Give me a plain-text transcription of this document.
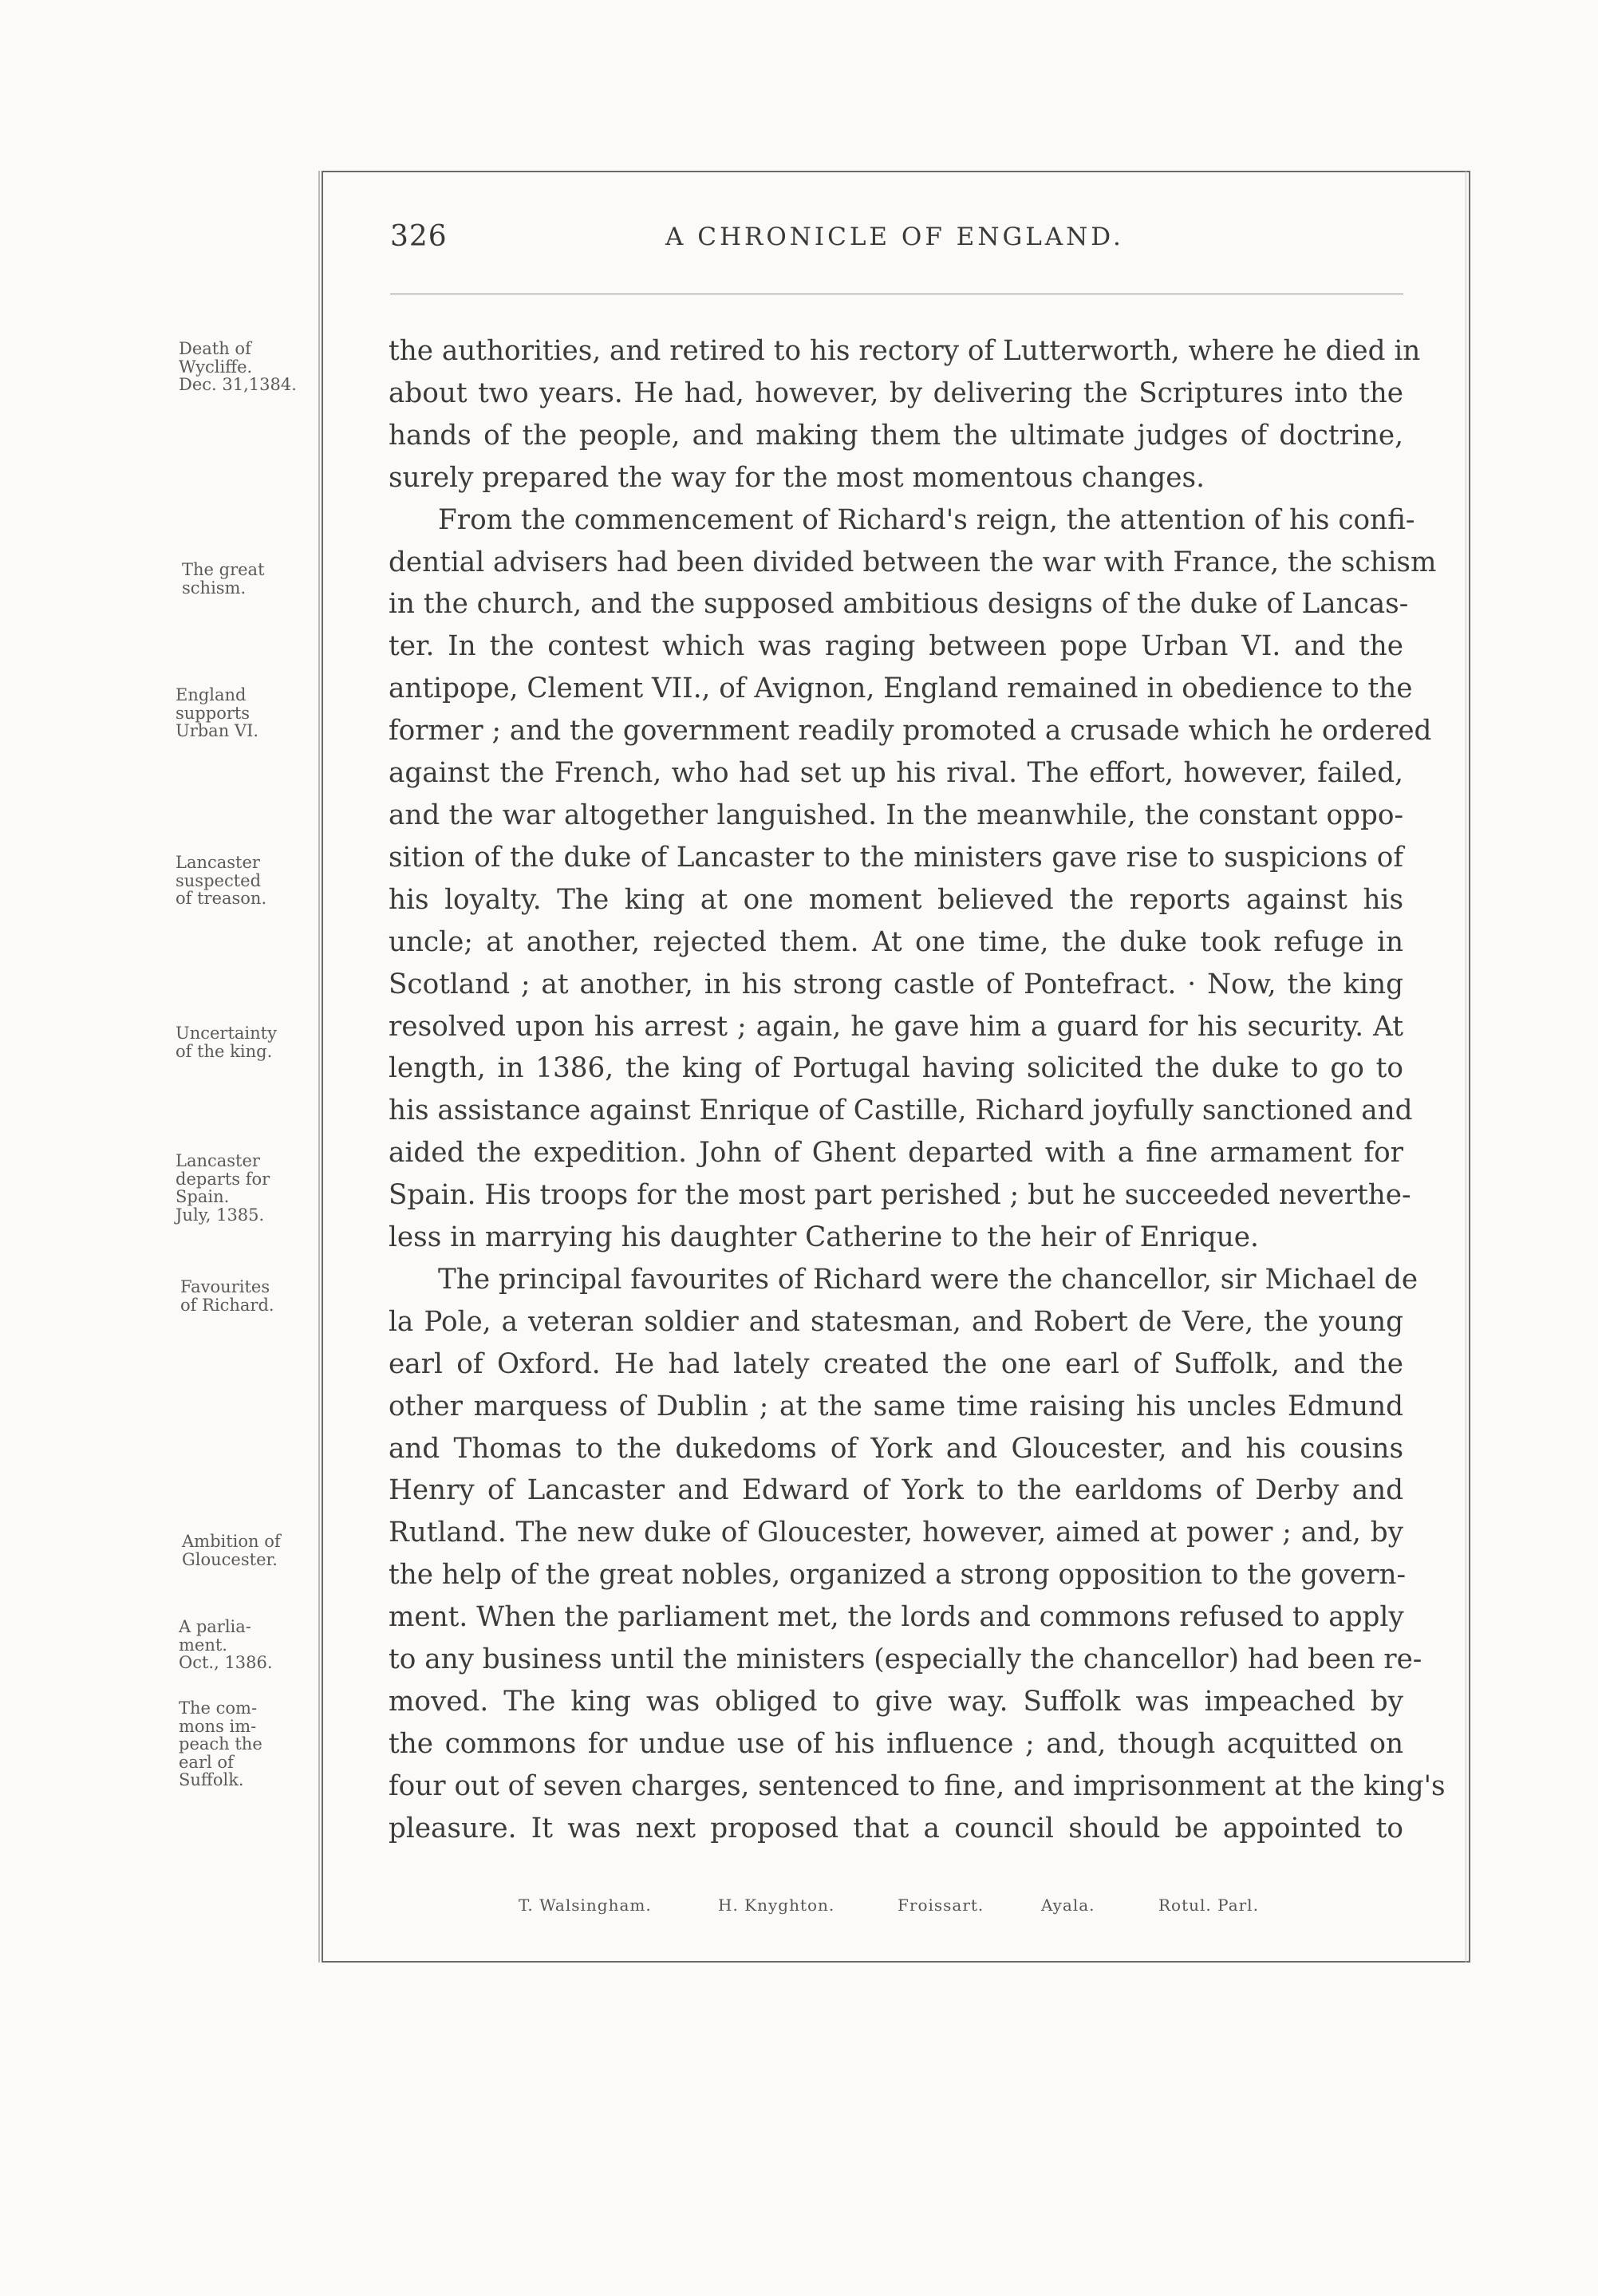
326	A CHRONICLE OF ENGLAND.
Death of
Wycliffe.
Dec. 31,1384.
The great
schism.
England
supports
Urban VI.
Lancaster
suspected
of treason.
Uncertainty
of the king.
Lancaster
departs for
Spain.
July, 1385.
Favourites
of Richard.
Ambition of
Gloucester.
A parlia-
ment.
Oct., 1386.
The com-
mons im-
peach the
earl of
Suffolk.
the authorities, and retired to his rectory of Lutterworth, where he died in
about two years. He had, however, by delivering the Scriptures into the
hands of the people, and making them the ultimate judges of doctrine,
surely prepared the way for the most momentous changes.
From the commencement of Richard's reign, the attention of his confi-
dential advisers had been divided between the war with France, the schism
in the church, and the supposed ambitious designs of the duke of Lancas-
ter. In the contest which was raging between pope Urban VI. and the
antipope, Clement VII., of Avignon, England remained in obedience to the
former ; and the government readily promoted a crusade which he ordered
against the French, who had set up his rival. The effort, however, failed,
and the war altogether languished. In the meanwhile, the constant oppo-
sition of the duke of Lancaster to the ministers gave rise to suspicions of
his loyalty. The king at one moment believed the reports against his
uncle; at another, rejected them. At one time, the duke took refuge in
Scotland ; at another, in his strong castle of Pontefract. · Now, the king
resolved upon his arrest ; again, he gave him a guard for his security. At
length, in 1386, the king of Portugal having solicited the duke to go to
his assistance against Enrique of Castille, Richard joyfully sanctioned and
aided the expedition. John of Ghent departed with a fine armament for
Spain. His troops for the most part perished ; but he succeeded neverthe-
less in marrying his daughter Catherine to the heir of Enrique.
The principal favourites of Richard were the chancellor, sir Michael de
la Pole, a veteran soldier and statesman, and Robert de Vere, the young
earl of Oxford. He had lately created the one earl of Suffolk, and the
other marquess of Dublin ; at the same time raising his uncles Edmund
and Thomas to the dukedoms of York and Gloucester, and his cousins
Henry of Lancaster and Edward of York to the earldoms of Derby and
Rutland. The new duke of Gloucester, however, aimed at power ; and, by
the help of the great nobles, organized a strong opposition to the govern-
ment. When the parliament met, the lords and commons refused to apply
to any business until the ministers (especially the chancellor) had been re-
moved. The king was obliged to give way. Suffolk was impeached by
the commons for undue use of his influence ; and, though acquitted on
four out of seven charges, sentenced to fine, and imprisonment at the king's
pleasure. It was next proposed that a council should be appointed to
T. Walsingham.	H. Knyghton.	Froissart.	Ayala.	Rotul. Parl.
